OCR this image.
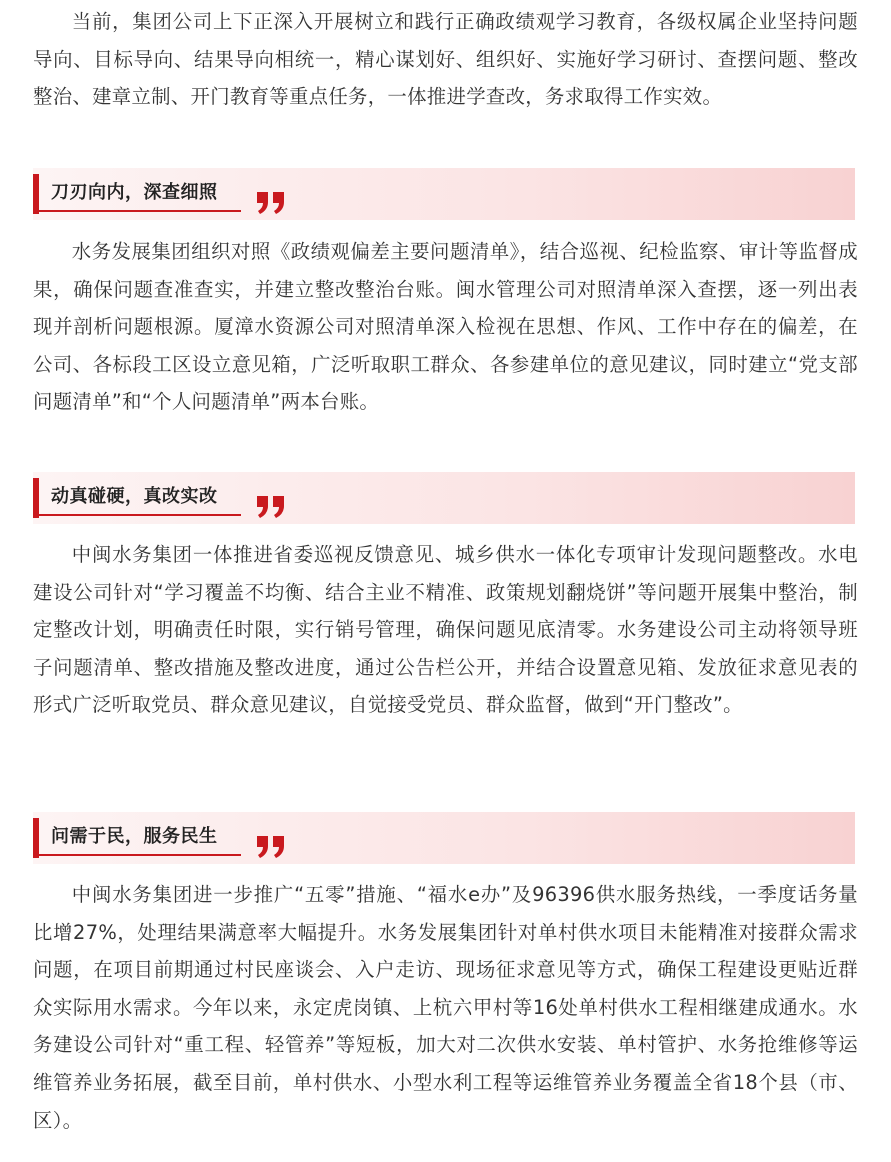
当前，集团公司上下正深入开展树立和践行正确政绩观学习教育，各级权属企业坚持问题导向、目标导向、结果导向相统一，精心谋划好、组织好、实施好学习研讨、查摆问题、整改整治、建章立制、开门教育等重点任务，一体推进学查改，务求取得工作实效。

刀刃向内，深查细照

水务发展集团组织对照《政绩观偏差主要问题清单》，结合巡视、纪检监察、审计等监督成果，确保问题查准查实，并建立整改整治台账。闽水管理公司对照清单深入查摆，逐一列出表现并剖析问题根源。厦漳水资源公司对照清单深入检视在思想、作风、工作中存在的偏差，在公司、各标段工区设立意见箱，广泛听取职工群众、各参建单位的意见建议，同时建立“党支部问题清单”和“个人问题清单”两本台账。

动真碰硬，真改实改

中闽水务集团一体推进省委巡视反馈意见、城乡供水一体化专项审计发现问题整改。水电建设公司针对“学习覆盖不均衡、结合主业不精准、政策规划翻烧饼”等问题开展集中整治，制定整改计划，明确责任时限，实行销号管理，确保问题见底清零。水务建设公司主动将领导班子问题清单、整改措施及整改进度，通过公告栏公开，并结合设置意见箱、发放征求意见表的形式广泛听取党员、群众意见建议，自觉接受党员、群众监督，做到“开门整改”。

问需于民，服务民生

中闽水务集团进一步推广“五零”措施、“福水e办”及96396供水服务热线，一季度话务量比增27%，处理结果满意率大幅提升。水务发展集团针对单村供水项目未能精准对接群众需求问题，在项目前期通过村民座谈会、入户走访、现场征求意见等方式，确保工程建设更贴近群众实际用水需求。今年以来，永定虎岗镇、上杭六甲村等16处单村供水工程相继建成通水。水务建设公司针对“重工程、轻管养”等短板，加大对二次供水安装、单村管护、水务抢维修等运维管养业务拓展，截至目前，单村供水、小型水利工程等运维管养业务覆盖全省18个县（市、区）。
